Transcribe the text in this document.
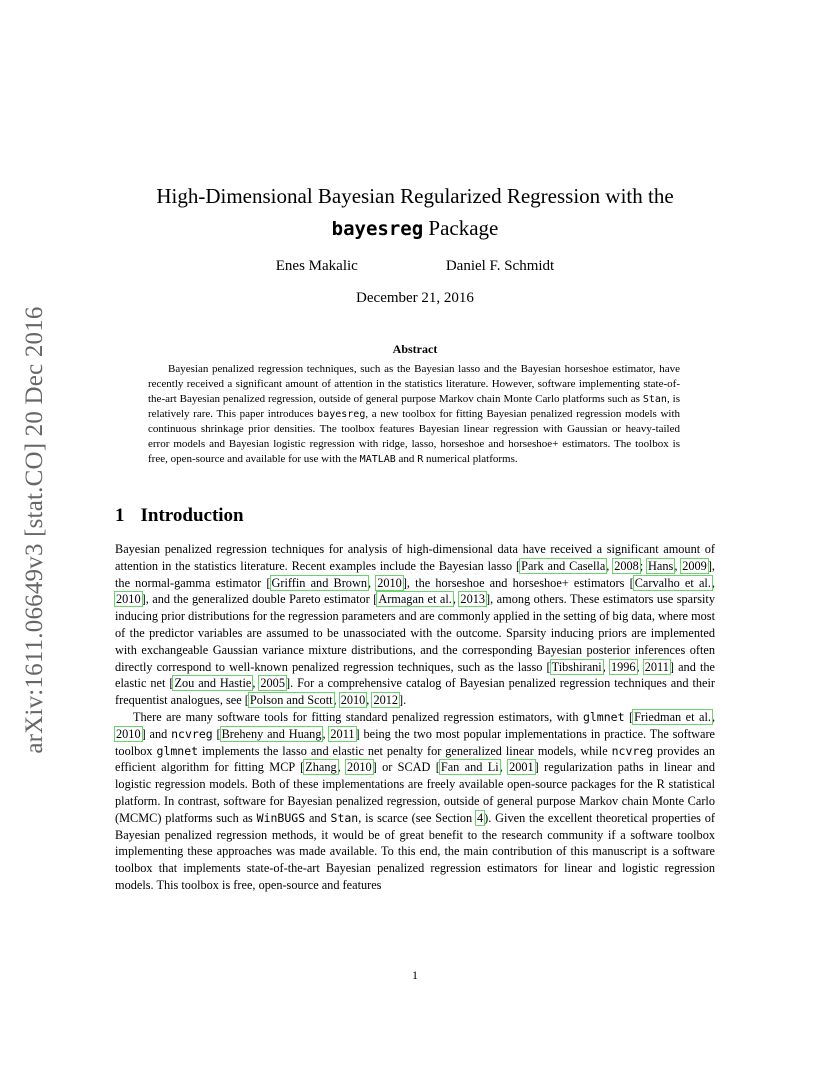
arXiv:1611.06649v3 [stat.CO] 20 Dec 2016
High-Dimensional Bayesian Regularized Regression with the
bayesreg Package
Enes Makalic	Daniel F. Schmidt
December 21, 2016
Abstract

Bayesian penalized regression techniques, such as the Bayesian lasso and the Bayesian horseshoe estimator, have recently received a significant amount of attention in the statistics literature. However, software implementing state-of-the-art Bayesian penalized regression, outside of general purpose Markov chain Monte Carlo platforms such as Stan, is relatively rare. This paper introduces bayesreg, a new toolbox for fitting Bayesian penalized regression models with continuous shrinkage prior densities. The toolbox features Bayesian linear regression with Gaussian or heavy-tailed error models and Bayesian logistic regression with ridge, lasso, horseshoe and horseshoe+ estimators. The toolbox is free, open-source and available for use with the MATLAB and R numerical platforms.

1 Introduction

Bayesian penalized regression techniques for analysis of high-dimensional data have received a significant amount of attention in the statistics literature. Recent examples include the Bayesian lasso [Park and Casella, 2008; Hans, 2009], the normal-gamma estimator [Griffin and Brown, 2010], the horseshoe and horseshoe+ estimators [Carvalho et al., 2010], and the generalized double Pareto estimator [Armagan et al., 2013], among others. These estimators use sparsity inducing prior distributions for the regression parameters and are commonly applied in the setting of big data, where most of the predictor variables are assumed to be unassociated with the outcome. Sparsity inducing priors are implemented with exchangeable Gaussian variance mixture distributions, and the corresponding Bayesian posterior inferences often directly correspond to well-known penalized regression techniques, such as the lasso [Tibshirani, 1996, 2011] and the elastic net [Zou and Hastie, 2005]. For a comprehensive catalog of Bayesian penalized regression techniques and their frequentist analogues, see [Polson and Scott, 2010, 2012].

There are many software tools for fitting standard penalized regression estimators, with glmnet [Friedman et al., 2010] and ncvreg [Breheny and Huang, 2011] being the two most popular implementations in practice. The software toolbox glmnet implements the lasso and elastic net penalty for generalized linear models, while ncvreg provides an efficient algorithm for fitting MCP [Zhang, 2010] or SCAD [Fan and Li, 2001] regularization paths in linear and logistic regression models. Both of these implementations are freely available open-source packages for the R statistical platform. In contrast, software for Bayesian penalized regression, outside of general purpose Markov chain Monte Carlo (MCMC) platforms such as WinBUGS and Stan, is scarce (see Section 4). Given the excellent theoretical properties of Bayesian penalized regression methods, it would be of great benefit to the research community if a software toolbox implementing these approaches was made available. To this end, the main contribution of this manuscript is a software toolbox that implements state-of-the-art Bayesian penalized regression estimators for linear and logistic regression models. This toolbox is free, open-source and features

1
